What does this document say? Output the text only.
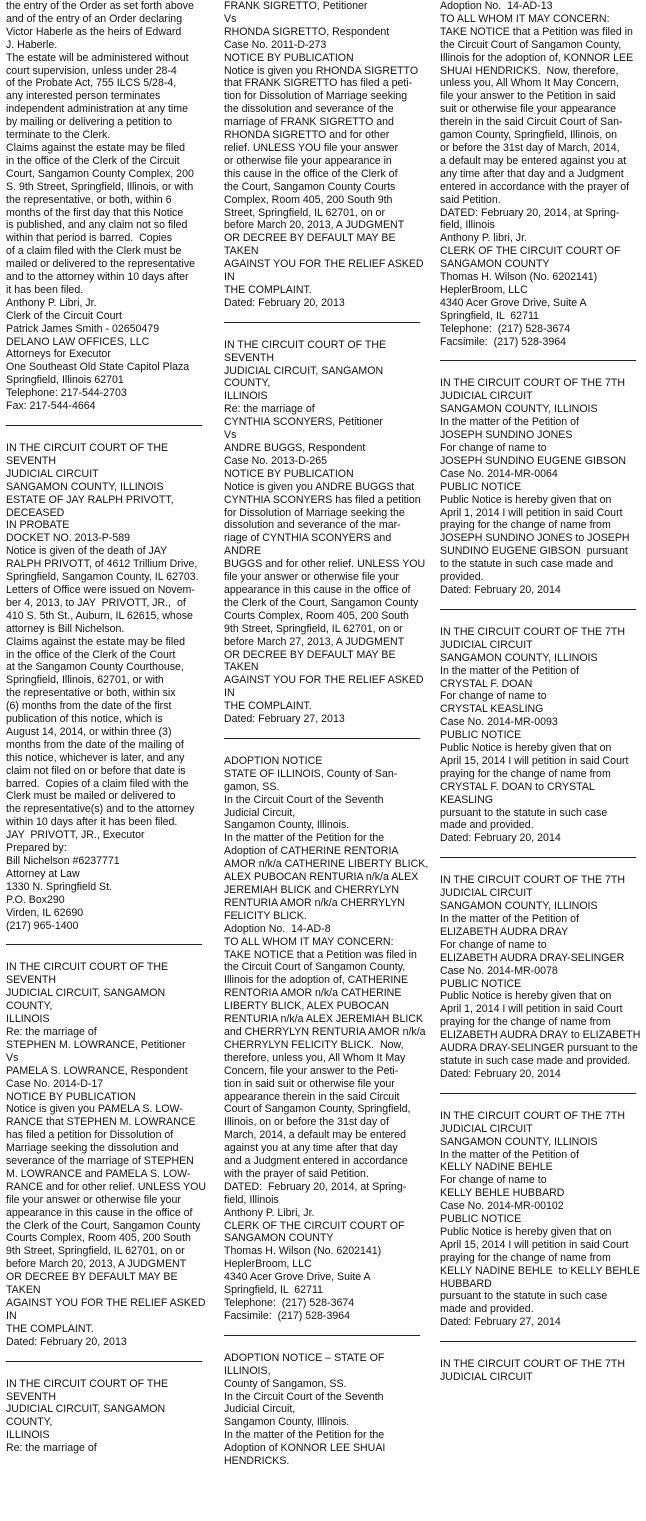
the entry of the Order as set forth above

and of the entry of an Order declaring

Victor Haberle as the heirs of Edward

J. Haberle.

The estate will be administered without

court supervision, unless under 28-4

of the Probate Act, 755 ILCS 5/28-4,

any interested person terminates

independent administration at any time

by mailing or delivering a petition to

terminate to the Clerk.

Claims against the estate may be filed

in the office of the Clerk of the Circuit

Court, Sangamon County Complex, 200

S. 9th Street, Springfield, Illinois, or with

the representative, or both, within 6

months of the first day that this Notice

is published, and any claim not so filed

within that period is barred.  Copies

of a claim filed with the Clerk must be

mailed or delivered to the representative

and to the attorney within 10 days after

it has been filed.

Anthony P. Libri, Jr.

Clerk of the Circuit Court

Patrick James Smith - 02650479

DELANO LAW OFFICES, LLC

Attorneys for Executor

One Southeast Old State Capitol Plaza

Springfield, Illinois 62701

Telephone: 217-544-2703

Fax: 217-544-4664

IN THE CIRCUIT COURT OF THE SEVENTH

JUDICIAL CIRCUIT

SANGAMON COUNTY, ILLINOIS

ESTATE OF JAY RALPH PRIVOTT,

DECEASED

IN PROBATE

DOCKET NO. 2013-P-589

Notice is given of the death of JAY

RALPH PRIVOTT, of 4612 Trillium Drive,

Springfield, Sangamon County, IL 62703.

Letters of Office were issued on Novem-

ber 4, 2013, to JAY  PRIVOTT, JR.,  of

410 S. 5th St., Auburn, IL 62615, whose

attorney is Bill Nichelson.

Claims against the estate may be filed

in the office of the Clerk of the Court

at the Sangamon County Courthouse,

Springfield, Illinois, 62701, or with

the representative or both, within six

(6) months from the date of the first

publication of this notice, which is

August 14, 2014, or within three (3)

months from the date of the mailing of

this notice, whichever is later, and any

claim not filed on or before that date is

barred.  Copies of a claim filed with the

Clerk must be mailed or delivered to

the representative(s) and to the attorney

within 10 days after it has been filed.

JAY  PRIVOTT, JR., Executor

Prepared by:

Bill Nichelson #6237771

Attorney at Law

1330 N. Springfield St.

P.O. Box290

Virden, IL 62690

(217) 965-1400

IN THE CIRCUIT COURT OF THE SEVENTH

JUDICIAL CIRCUIT, SANGAMON COUNTY,

ILLINOIS

Re: the marriage of

STEPHEN M. LOWRANCE, Petitioner

Vs

PAMELA S. LOWRANCE, Respondent

Case No. 2014-D-17

NOTICE BY PUBLICATION

Notice is given you PAMELA S. LOW-

RANCE that STEPHEN M. LOWRANCE

has filed a petition for Dissolution of

Marriage seeking the dissolution and

severance of the marriage of STEPHEN

M. LOWRANCE and PAMELA S. LOW-

RANCE and for other relief. UNLESS YOU

file your answer or otherwise file your

appearance in this cause in the office of

the Clerk of the Court, Sangamon County

Courts Complex, Room 405, 200 South

9th Street, Springfield, IL 62701, on or

before March 20, 2013, A JUDGMENT

OR DECREE BY DEFAULT MAY BE TAKEN

AGAINST YOU FOR THE RELIEF ASKED IN

THE COMPLAINT.

Dated: February 20, 2013

IN THE CIRCUIT COURT OF THE SEVENTH

JUDICIAL CIRCUIT, SANGAMON COUNTY,

ILLINOIS

Re: the marriage of

FRANK SIGRETTO, Petitioner

Vs

RHONDA SIGRETTO, Respondent

Case No. 2011-D-273

NOTICE BY PUBLICATION

Notice is given you RHONDA SIGRETTO

that FRANK SIGRETTO has filed a peti-

tion for Dissolution of Marriage seeking

the dissolution and severance of the

marriage of FRANK SIGRETTO and

RHONDA SIGRETTO and for other

relief. UNLESS YOU file your answer

or otherwise file your appearance in

this cause in the office of the Clerk of

the Court, Sangamon County Courts

Complex, Room 405, 200 South 9th

Street, Springfield, IL 62701, on or

before March 20, 2013, A JUDGMENT

OR DECREE BY DEFAULT MAY BE TAKEN

AGAINST YOU FOR THE RELIEF ASKED IN

THE COMPLAINT.

Dated: February 20, 2013

IN THE CIRCUIT COURT OF THE SEVENTH

JUDICIAL CIRCUIT, SANGAMON COUNTY,

ILLINOIS

Re: the marriage of

CYNTHIA SCONYERS, Petitioner

Vs

ANDRE BUGGS, Respondent

Case No. 2013-D-265

NOTICE BY PUBLICATION

Notice is given you ANDRE BUGGS that

CYNTHIA SCONYERS has filed a petition

for Dissolution of Marriage seeking the

dissolution and severance of the mar-

riage of CYNTHIA SCONYERS and ANDRE

BUGGS and for other relief. UNLESS YOU

file your answer or otherwise file your

appearance in this cause in the office of

the Clerk of the Court, Sangamon County

Courts Complex, Room 405, 200 South

9th Street, Springfield, IL 62701, on or

before March 27, 2013, A JUDGMENT

OR DECREE BY DEFAULT MAY BE TAKEN

AGAINST YOU FOR THE RELIEF ASKED IN

THE COMPLAINT.

Dated: February 27, 2013

ADOPTION NOTICE

STATE OF ILLINOIS, County of San-

gamon, SS.

In the Circuit Court of the Seventh

Judicial Circuit,

Sangamon County, Illinois.

In the matter of the Petition for the

Adoption of CATHERINE RENTORIA

AMOR n/k/a CATHERINE LIBERTY BLICK,

ALEX PUBOCAN RENTURIA n/k/a ALEX

JEREMIAH BLICK and CHERRYLYN

RENTURIA AMOR n/k/a CHERRYLYN

FELICITY BLICK.

Adoption No.  14-AD-8

TO ALL WHOM IT MAY CONCERN:

TAKE NOTICE that a Petition was filed in

the Circuit Court of Sangamon County,

Illinois for the adoption of, CATHERINE

RENTORIA AMOR n/k/a CATHERINE

LIBERTY BLICK, ALEX PUBOCAN

RENTURIA n/k/a ALEX JEREMIAH BLICK

and CHERRYLYN RENTURIA AMOR n/k/a

CHERRYLYN FELICITY BLICK.  Now,

therefore, unless you, All Whom It May

Concern, file your answer to the Peti-

tion in said suit or otherwise file your

appearance therein in the said Circuit

Court of Sangamon County, Springfield,

Illinois, on or before the 31st day of

March, 2014, a default may be entered

against you at any time after that day

and a Judgment entered in accordance

with the prayer of said Petition.

DATED:  February 20, 2014, at Spring-

field, Illinois

Anthony P. Libri, Jr.

CLERK OF THE CIRCUIT COURT OF

SANGAMON COUNTY

Thomas H. Wilson (No. 6202141)

HeplerBroom, LLC

4340 Acer Grove Drive, Suite A

Springfield, IL  62711

Telephone:  (217) 528-3674

Facsimile:  (217) 528-3964

ADOPTION NOTICE – STATE OF ILLINOIS,

County of Sangamon, SS.

In the Circuit Court of the Seventh

Judicial Circuit,

Sangamon County, Illinois.

In the matter of the Petition for the

Adoption of KONNOR LEE SHUAI

HENDRICKS.

Adoption No.  14-AD-13

TO ALL WHOM IT MAY CONCERN:

TAKE NOTICE that a Petition was filed in

the Circuit Court of Sangamon County,

Illinois for the adoption of, KONNOR LEE

SHUAI HENDRICKS.  Now, therefore,

unless you, All Whom It May Concern,

file your answer to the Petition in said

suit or otherwise file your appearance

therein in the said Circuit Court of San-

gamon County, Springfield, Illinois, on

or before the 31st day of March, 2014,

a default may be entered against you at

any time after that day and a Judgment

entered in accordance with the prayer of

said Petition.

DATED: February 20, 2014, at Spring-

field, Illinois

Anthony P. libri, Jr.

CLERK OF THE CIRCUIT COURT OF

SANGAMON COUNTY

Thomas H. Wilson (No. 6202141)

HeplerBroom, LLC

4340 Acer Grove Drive, Suite A

Springfield, IL  62711

Telephone:  (217) 528-3674

Facsimile:  (217) 528-3964

IN THE CIRCUIT COURT OF THE 7TH

JUDICIAL CIRCUIT

SANGAMON COUNTY, ILLINOIS

In the matter of the Petition of

JOSEPH SUNDINO JONES

For change of name to

JOSEPH SUNDINO EUGENE GIBSON

Case No. 2014-MR-0064

PUBLIC NOTICE

Public Notice is hereby given that on

April 1, 2014 I will petition in said Court

praying for the change of name from

JOSEPH SUNDINO JONES to JOSEPH

SUNDINO EUGENE GIBSON  pursuant

to the statute in such case made and

provided.

Dated: February 20, 2014

IN THE CIRCUIT COURT OF THE 7TH

JUDICIAL CIRCUIT

SANGAMON COUNTY, ILLINOIS

In the matter of the Petition of

CRYSTAL F. DOAN

For change of name to

CRYSTAL KEASLING

Case No. 2014-MR-0093

PUBLIC NOTICE

Public Notice is hereby given that on

April 15, 2014 I will petition in said Court

praying for the change of name from

CRYSTAL F. DOAN to CRYSTAL KEASLING

pursuant to the statute in such case

made and provided.

Dated: February 20, 2014

IN THE CIRCUIT COURT OF THE 7TH

JUDICIAL CIRCUIT

SANGAMON COUNTY, ILLINOIS

In the matter of the Petition of

ELIZABETH AUDRA DRAY

For change of name to

ELIZABETH AUDRA DRAY-SELINGER

Case No. 2014-MR-0078

PUBLIC NOTICE

Public Notice is hereby given that on

April 1, 2014 I will petition in said Court

praying for the change of name from

ELIZABETH AUDRA DRAY to ELIZABETH

AUDRA DRAY-SELINGER pursuant to the

statute in such case made and provided.

Dated: February 20, 2014

IN THE CIRCUIT COURT OF THE 7TH

JUDICIAL CIRCUIT

SANGAMON COUNTY, ILLINOIS

In the matter of the Petition of

KELLY NADINE BEHLE

For change of name to

KELLY BEHLE HUBBARD

Case No. 2014-MR-00102

PUBLIC NOTICE

Public Notice is hereby given that on

April 15, 2014 I will petition in said Court

praying for the change of name from

KELLY NADINE BEHLE  to KELLY BEHLE

HUBBARD

pursuant to the statute in such case

made and provided.

Dated: February 27, 2014

IN THE CIRCUIT COURT OF THE 7TH

JUDICIAL CIRCUIT
